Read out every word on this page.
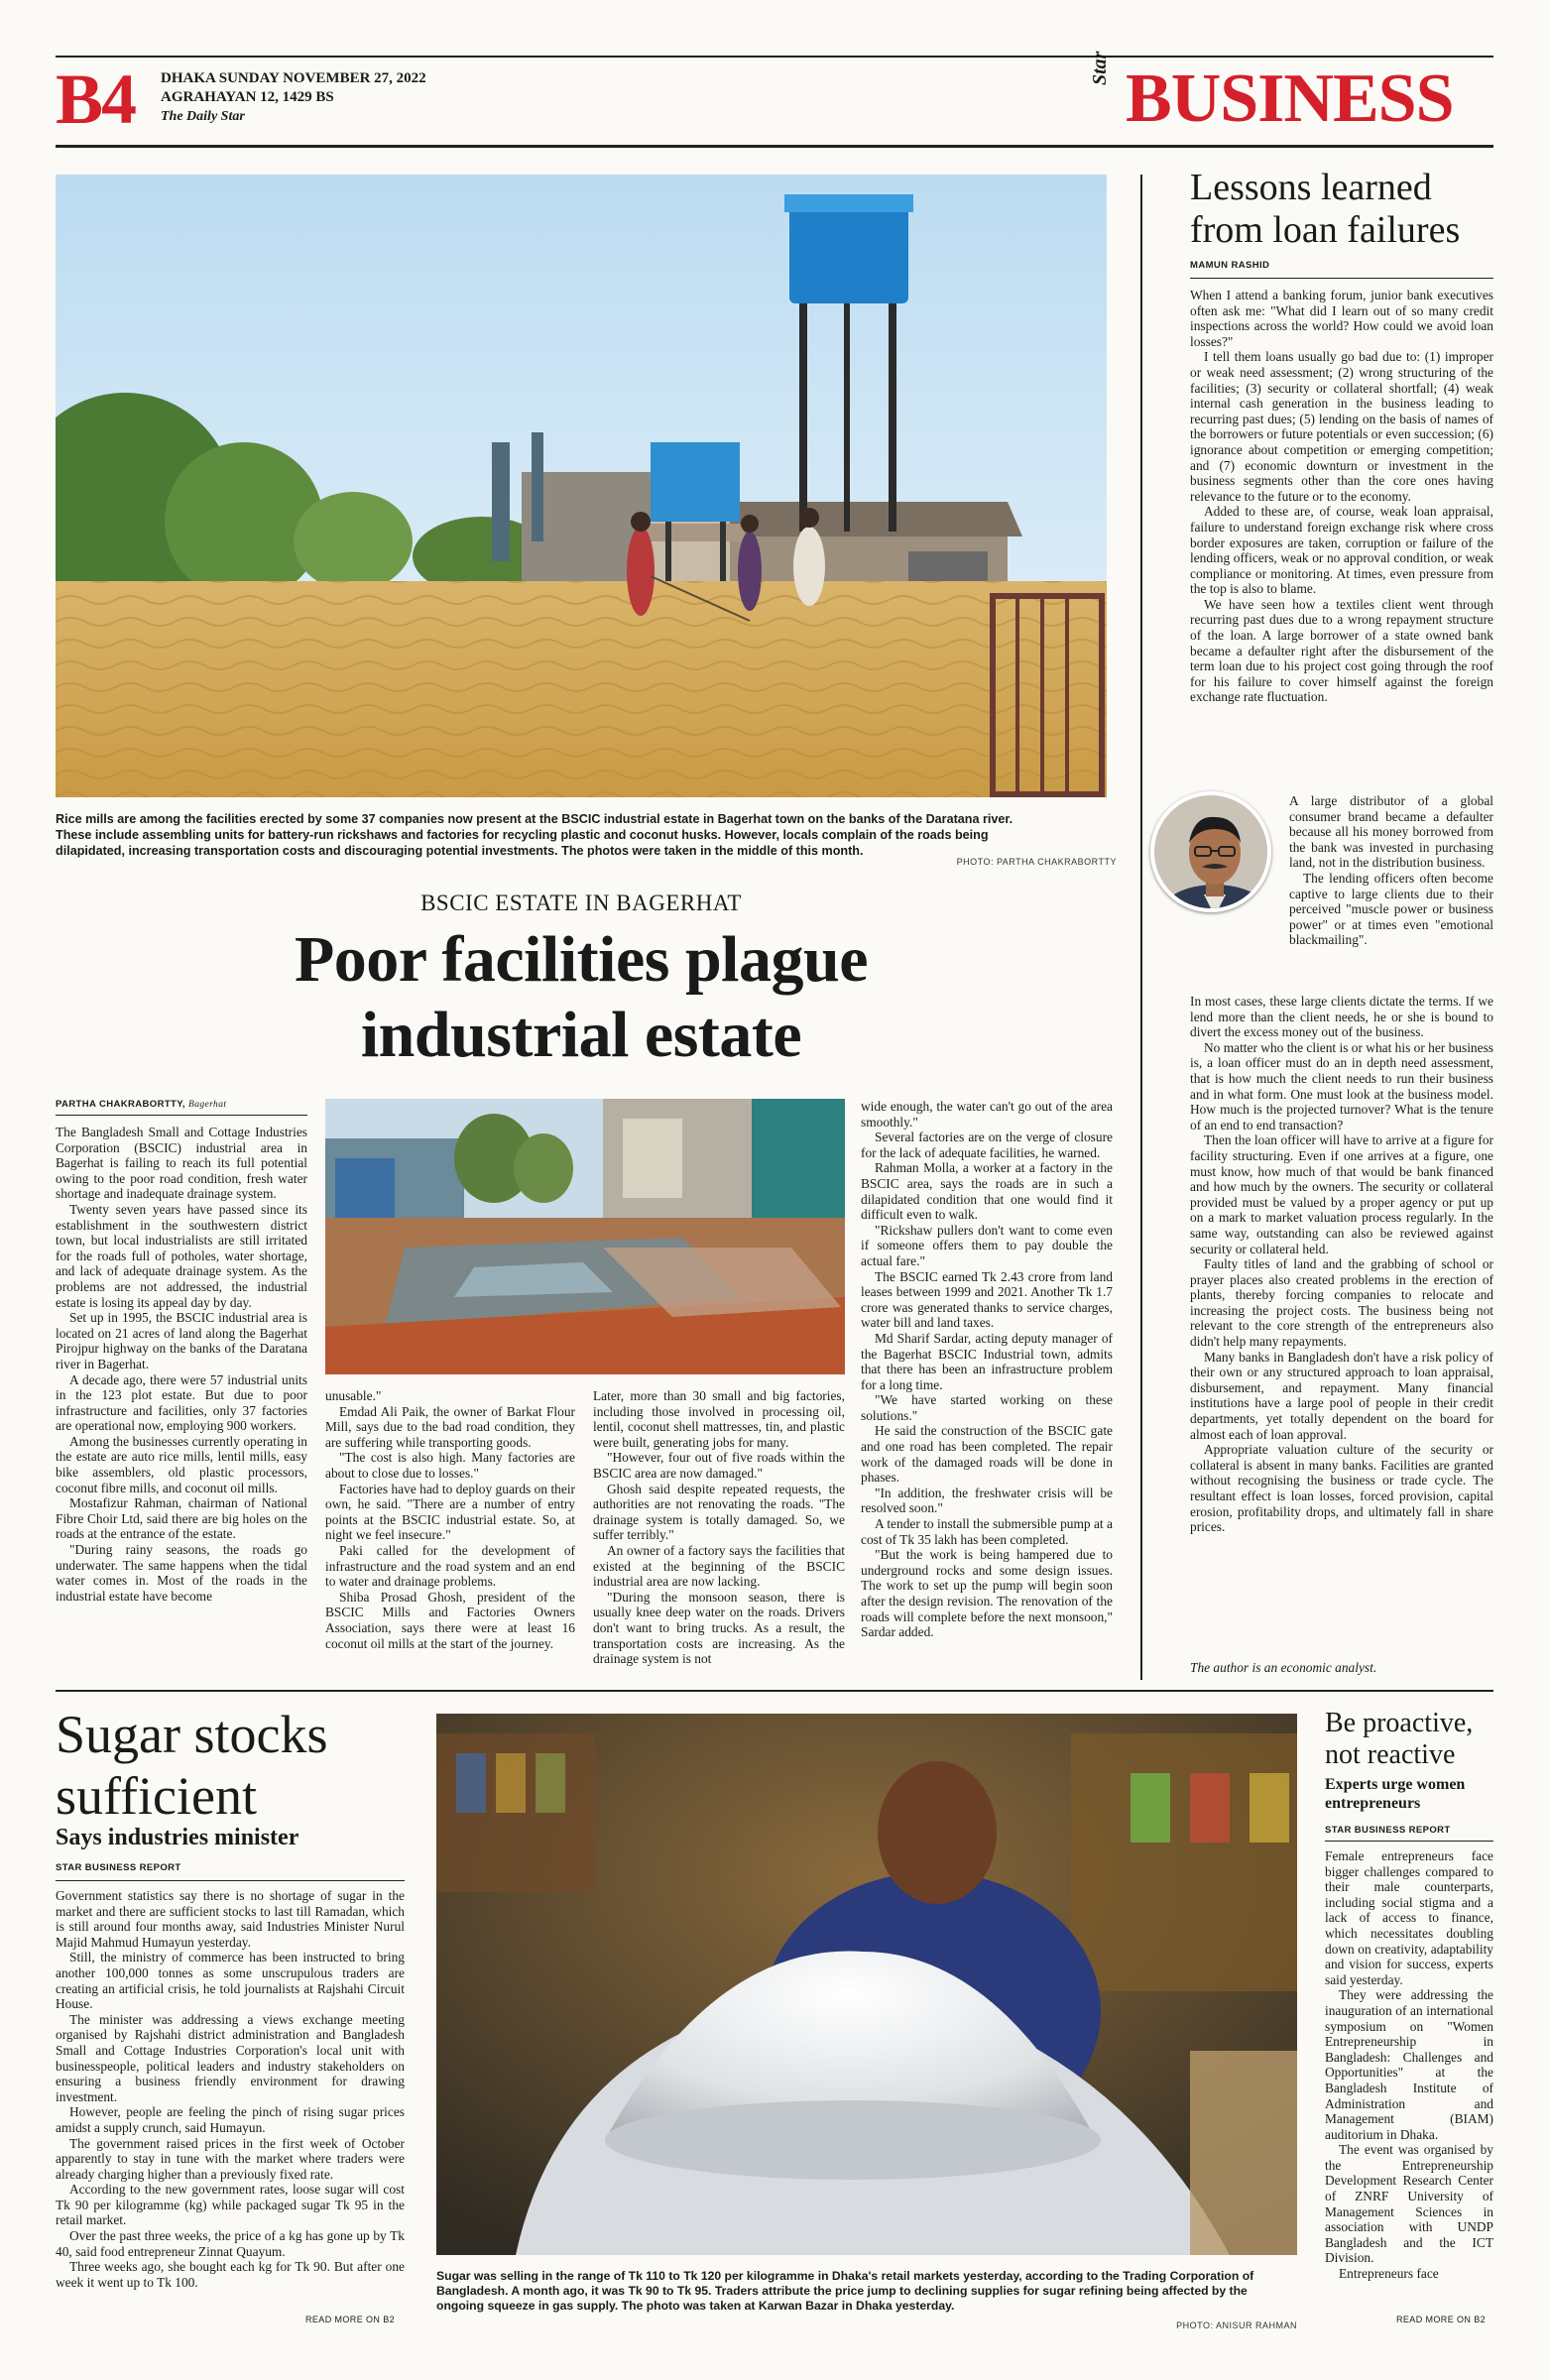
B4 DHAKA SUNDAY NOVEMBER 27, 2022
AGRAHAYAN 12, 1429 BS
The Daily Star
Star BUSINESS
Rice mills are among the facilities erected by some 37 companies now present at the BSCIC industrial estate in Bagerhat town on the banks of the Daratana river. These include assembling units for battery-run rickshaws and factories for recycling plastic and coconut husks. However, locals complain of the roads being dilapidated, increasing transportation costs and discouraging potential investments. The photos were taken in the middle of this month.
PHOTO: PARTHA CHAKRABORTTY
BSCIC ESTATE IN BAGERHAT
Poor facilities plague
industrial estate
PARTHA CHAKRABORTTY, Bagerhat

The Bangladesh Small and Cottage Industries Corporation (BSCIC) industrial area in Bagerhat is failing to reach its full potential owing to the poor road condition, fresh water shortage and inadequate drainage system.

Twenty seven years have passed since its establishment in the southwestern district town, but local industrialists are still irritated for the roads full of potholes, water shortage, and lack of adequate drainage system. As the problems are not addressed, the industrial estate is losing its appeal day by day.

Set up in 1995, the BSCIC industrial area is located on 21 acres of land along the Bagerhat Pirojpur highway on the banks of the Daratana river in Bagerhat.

A decade ago, there were 57 industrial units in the 123 plot estate. But due to poor infrastructure and facilities, only 37 factories are operational now, employing 900 workers.

Among the businesses currently operating in the estate are auto rice mills, lentil mills, easy bike assemblers, old plastic processors, coconut fibre mills, and coconut oil mills.

Mostafizur Rahman, chairman of National Fibre Choir Ltd, said there are big holes on the roads at the entrance of the estate.

"During rainy seasons, the roads go underwater. The same happens when the tidal water comes in. Most of the roads in the industrial estate have become

unusable."

Emdad Ali Paik, the owner of Barkat Flour Mill, says due to the bad road condition, they are suffering while transporting goods.

"The cost is also high. Many factories are about to close due to losses."

Factories have had to deploy guards on their own, he said. "There are a number of entry points at the BSCIC industrial estate. So, at night we feel insecure."

Paki called for the development of infrastructure and the road system and an end to water and drainage problems.

Shiba Prosad Ghosh, president of the BSCIC Mills and Factories Owners Association, says there were at least 16 coconut oil mills at the start of the journey.

Later, more than 30 small and big factories, including those involved in processing oil, lentil, coconut shell mattresses, tin, and plastic were built, generating jobs for many.

"However, four out of five roads within the BSCIC area are now damaged."

Ghosh said despite repeated requests, the authorities are not renovating the roads. "The drainage system is totally damaged. So, we suffer terribly."

An owner of a factory says the facilities that existed at the beginning of the BSCIC industrial area are now lacking.

"During the monsoon season, there is usually knee deep water on the roads. Drivers don't want to bring trucks. As a result, the transportation costs are increasing. As the drainage system is not

wide enough, the water can't go out of the area smoothly."

Several factories are on the verge of closure for the lack of adequate facilities, he warned.

Rahman Molla, a worker at a factory in the BSCIC area, says the roads are in such a dilapidated condition that one would find it difficult even to walk.

"Rickshaw pullers don't want to come even if someone offers them to pay double the actual fare."

The BSCIC earned Tk 2.43 crore from land leases between 1999 and 2021. Another Tk 1.7 crore was generated thanks to service charges, water bill and land taxes.

Md Sharif Sardar, acting deputy manager of the Bagerhat BSCIC Industrial town, admits that there has been an infrastructure problem for a long time.

"We have started working on these solutions."

He said the construction of the BSCIC gate and one road has been completed. The repair work of the damaged roads will be done in phases.

"In addition, the freshwater crisis will be resolved soon."

A tender to install the submersible pump at a cost of Tk 35 lakh has been completed.

"But the work is being hampered due to underground rocks and some design issues. The work to set up the pump will begin soon after the design revision. The renovation of the roads will complete before the next monsoon," Sardar added.

Lessons learned
from loan failures
MAMUN RASHID

When I attend a banking forum, junior bank executives often ask me: "What did I learn out of so many credit inspections across the world? How could we avoid loan losses?"

I tell them loans usually go bad due to: (1) improper or weak need assessment; (2) wrong structuring of the facilities; (3) security or collateral shortfall; (4) weak internal cash generation in the business leading to recurring past dues; (5) lending on the basis of names of the borrowers or future potentials or even succession; (6) ignorance about competition or emerging competition; and (7) economic downturn or investment in the business segments other than the core ones having relevance to the future or to the economy.

Added to these are, of course, weak loan appraisal, failure to understand foreign exchange risk where cross border exposures are taken, corruption or failure of the lending officers, weak or no approval condition, or weak compliance or monitoring. At times, even pressure from the top is also to blame.

We have seen how a textiles client went through recurring past dues due to a wrong repayment structure of the loan. A large borrower of a state owned bank became a defaulter right after the disbursement of the term loan due to his project cost going through the roof for his failure to cover himself against the foreign exchange rate fluctuation.

A large distributor of a global consumer brand became a defaulter because all his money borrowed from the bank was invested in purchasing land, not in the distribution business.

The lending officers often become captive to large clients due to their perceived "muscle power or business power" or at times even "emotional blackmailing".

In most cases, these large clients dictate the terms. If we lend more than the client needs, he or she is bound to divert the excess money out of the business.

No matter who the client is or what his or her business is, a loan officer must do an in depth need assessment, that is how much the client needs to run their business and in what form. One must look at the business model. How much is the projected turnover? What is the tenure of an end to end transaction?

Then the loan officer will have to arrive at a figure for facility structuring. Even if one arrives at a figure, one must know, how much of that would be bank financed and how much by the owners. The security or collateral provided must be valued by a proper agency or put up on a mark to market valuation process regularly. In the same way, outstanding can also be reviewed against security or collateral held.

Faulty titles of land and the grabbing of school or prayer places also created problems in the erection of plants, thereby forcing companies to relocate and increasing the project costs. The business being not relevant to the core strength of the entrepreneurs also didn't help many repayments.

Many banks in Bangladesh don't have a risk policy of their own or any structured approach to loan appraisal, disbursement, and repayment. Many financial institutions have a large pool of people in their credit departments, yet totally dependent on the board for almost each of loan approval.

Appropriate valuation culture of the security or collateral is absent in many banks. Facilities are granted without recognising the business or trade cycle. The resultant effect is loan losses, forced provision, capital erosion, profitability drops, and ultimately fall in share prices.

The author is an economic analyst.
Sugar stocks
sufficient
Says industries minister
STAR BUSINESS REPORT

Government statistics say there is no shortage of sugar in the market and there are sufficient stocks to last till Ramadan, which is still around four months away, said Industries Minister Nurul Majid Mahmud Humayun yesterday.

Still, the ministry of commerce has been instructed to bring another 100,000 tonnes as some unscrupulous traders are creating an artificial crisis, he told journalists at Rajshahi Circuit House.

The minister was addressing a views exchange meeting organised by Rajshahi district administration and Bangladesh Small and Cottage Industries Corporation's local unit with businesspeople, political leaders and industry stakeholders on ensuring a business friendly environment for drawing investment.

However, people are feeling the pinch of rising sugar prices amidst a supply crunch, said Humayun.

The government raised prices in the first week of October apparently to stay in tune with the market where traders were already charging higher than a previously fixed rate.

According to the new government rates, loose sugar will cost Tk 90 per kilogramme (kg) while packaged sugar Tk 95 in the retail market.

Over the past three weeks, the price of a kg has gone up by Tk 40, said food entrepreneur Zinnat Quayum.

Three weeks ago, she bought each kg for Tk 90. But after one week it went up to Tk 100.

READ MORE ON B2
Sugar was selling in the range of Tk 110 to Tk 120 per kilogramme in Dhaka's retail markets yesterday, according to the Trading Corporation of Bangladesh. A month ago, it was Tk 90 to Tk 95. Traders attribute the price jump to declining supplies for sugar refining being affected by the ongoing squeeze in gas supply. The photo was taken at Karwan Bazar in Dhaka yesterday.
PHOTO: ANISUR RAHMAN
Be proactive,
not reactive
Experts urge women
entrepreneurs
STAR BUSINESS REPORT

Female entrepreneurs face bigger challenges compared to their male counterparts, including social stigma and a lack of access to finance, which necessitates doubling down on creativity, adaptability and vision for success, experts said yesterday.

They were addressing the inauguration of an international symposium on "Women Entrepreneurship in Bangladesh: Challenges and Opportunities" at the Bangladesh Institute of Administration and Management (BIAM) auditorium in Dhaka.

The event was organised by the Entrepreneurship Development Research Center of ZNRF University of Management Sciences in association with UNDP Bangladesh and the ICT Division.

Entrepreneurs face

READ MORE ON B2
